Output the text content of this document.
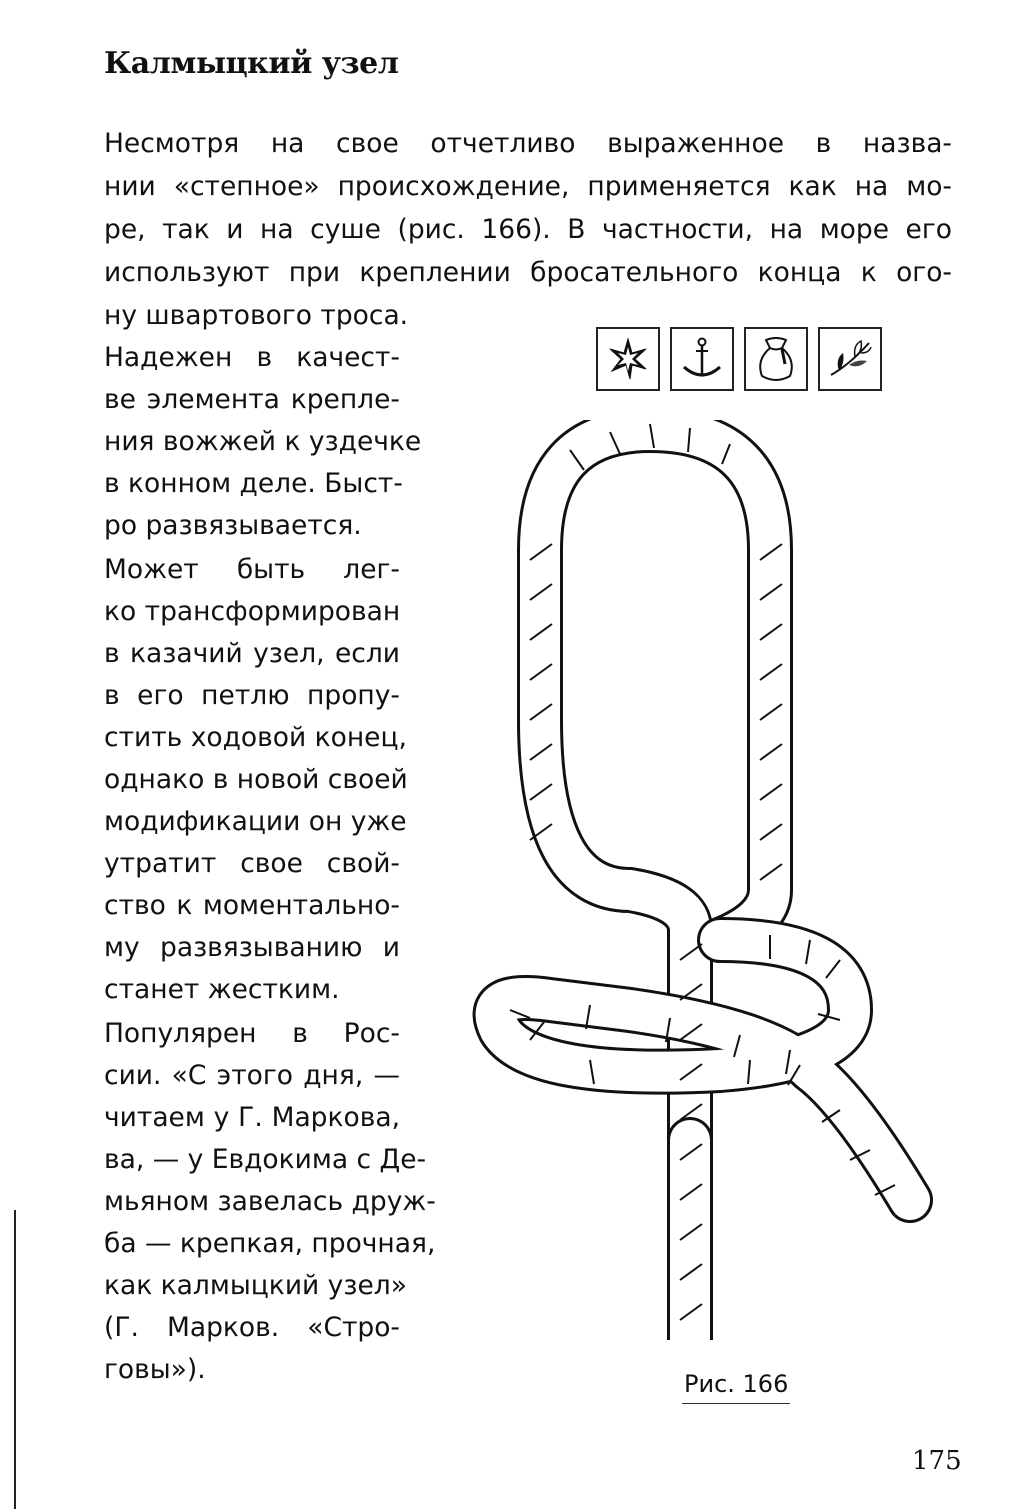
Калмыцкий узел
Несмотря на свое отчетливо выраженное в назва-
нии «степное» происхождение, применяется как на мо-
ре, так и на суше (рис. 166). В частности, на море его
используют при креплении бросательного конца к ого-
ну швартового троса.
Надежен в качест-
ве элемента крепле-
ния вожжей к уздечке
в конном деле. Быст-
ро развязывается.
Может быть лег-
ко трансформирован
в казачий узел, если
в его петлю пропу-
стить ходовой конец,
однако в новой своей
модификации он уже
утратит свое свой-
ство к моментально-
му развязыванию и
станет жестким.
Популярен в Рос-
сии. «С этого дня, —
читаем у Г. Маркова,
ва, — у Евдокима с Де-
мьяном завелась друж-
ба — крепкая, прочная,
как калмыцкий узел»
(Г. Марков. «Стро-
говы»).	Рис. 166
175
